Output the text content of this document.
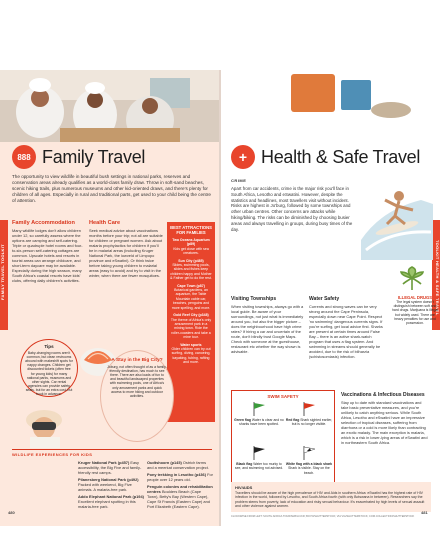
FAMILY TRAVEL TOOLKIT
888 Family Travel
The opportunity to view wildlife in beautiful bush settings in national parks, reserves and conservation areas already qualifies as a world-class family draw. Throw in soft-sand beaches, scenic hiking trails, plus numerous museums and other kid-oriented draws, and there's plenty for children of all ages. Especially in rural and traditional parts, get used to your child being the centre of attention.
Family Accommodation
Many wildlife lodges don't allow children under 12, so carefully assess where the options are camping and self-catering. Triple or quadruple hotel rooms and four-to-six-person self-catering cottages are common. Upscale hotels and resorts in tourist areas can arrange childcare, and short-term daycare may be available. Especially during the high season, many South Africa's coastal resorts have kids' clubs, offering daily children's activities.
Health Care
Seek medical advice about vaccinations months before your trip; not all are suitable for children or pregnant women. Ask about malaria prophylactics for children if you'll be in malarial areas (including Kruger National Park, the lowveld of Limpopo province and eSwatini). Or think twice before taking young children to malarial areas (easy to avoid) and try to visit in the winter, when there are fewer mosquitoes.
BEST ATTRACTIONS FOR FAMILIES
Two Oceans Aquarium (p89)
Kids get close with sea creatures.
Sun City (p485)
Slides, swimming pools, slides and fishes keep children happy and Mother & Father get to do the rest.
Cape Town (p87)
Botanical gardens, an aquarium, the Table Mountain cable car, beaches, penguins and more spelling, and more.
Gold Reef City (p348)
The theme of Africa's only amusement park in a mining town. Ride the roller-coasters and take a mine tour.
Water sports
Older children can try out surfing, diving, canoeing, kayaking, tubing, rafting and more.
Tips
Baby-changing rooms aren't common, but clean restrooms abound with makeshift spots for nappy changes. Children get discounted tickets (often free for young kids) for many national parks, museums and other sights. Car rental agencies can provide safety seats, but for an extra cost, but book in advance.
A Stay in the Big City?
Joburg, not often thought of as a family-friendly destination, has much to see there. There are also loads of fun to and beautiful landscaped properties with swimming pools, one of Africa's only amusement parks and quick access to more hiking and outdoor activities.
WILDLIFE EXPERIENCES FOR KIDS
Kruger National Park (p457) Easy accessibility, the Big Five and family-friendly rest camps.
Pilanesberg National Park (p492) Packed with weekend, Big Five animals. A malaria-free park.
Addo Elephant National Park (p194) Excellent elephant spotting in this malaria-free park.
Oudtshoorn (p145) Ostrich farms and a meerkat conservation project.
Pony trekking in Lesotho (p436) For people over 12 years old.
Penguin colonies and rehabilitation centres Boulders Beach (Cape Town), Betty's Bay (Western Cape), Cape St Francis (Eastern Cape) and Port Elizabeth (Eastern Cape).
480
TOOLKIT HEALTH & SAFE TRAVEL
+ Health & Safe Travel
CRIME
Apart from car accidents, crime is the major risk you'll face in South Africa, Lesotho and eSwatini. However, despite the statistics and headlines, most travellers visit without incident. Risks are highest in Jo'burg, followed by some townships and other urban centres. Other concerns are attacks while hiking/biking. The risks can be diminished by choosing busier areas and always travelling in groups, during busy times of the day.
ILLEGAL DRUGS
The legal system doesn't distinguish between soft and hard drugs. Marijuana is illegal but widely used. There are heavy penalties for use and possession.
Visiting Townships
When visiting townships, always go with a local guide. Be aware of your surroundings, not just what is immediately around you, but also the bigger picture – does the neighbourhood have high crime rates? If hiring a car and uncertain of the route, don't blindly trust Google Maps. Check with someone at the guesthouse, restaurant etc whether the way shown is advisable.
Water Safety
Currents and strong waves can be very strong around the Cape Peninsula, especially down near Cape Point. Respect 'no swimming' dangerous currents signs. If you're surfing, get local advice first. Sharks are present at certain times around False Bay – there is an active shark-watch program that uses a flag system. And swimming in streams should generally be avoided, due to the risk of bilharzia (schistosomiasis) infection.
SWIM SAFETY
Green flag Water is clear and no sharks have been spotted.
Red flag Shark sighted earlier, but is no longer visible.
Black flag Water too murky to see, and swimming not advised.
White flag with a black shark Shark is visible. Stay on the beach.
Vaccinations & Infectious Diseases
Stay up to date with standard vaccinations and take basic preventative measures, and you're unlikely to catch anything serious. While South Africa, Lesotho and eSwatini have an impressive selection of tropical diseases, suffering from diarrhoea or a cold is more likely than contracting an exotic malady. The main exception is malaria, which is a risk in lower-lying areas of eSwatini and in northeastern South Africa.
HIV/AIDS
Travellers should be aware of the high prevalence of HIV and Aids in southern Africa: eSwatini has the highest rate of HIV infection in the world, followed by Lesotho, and South Africa fourth (with only Botswana in between). Researchers say the problem stems from poverty, lack of education and risky sexual behaviour. It's exacerbated by high levels of sexual assault and other violence against women.
CLOCKWISE FROM LEFT: SOUTH AFRICA TOURISM/FLICKR; BOYD/SHUTTERSTOCK; VIA VIA/SHUTTERSTOCK; COM.COLLECTION/SHUTTERSTOCK
481
